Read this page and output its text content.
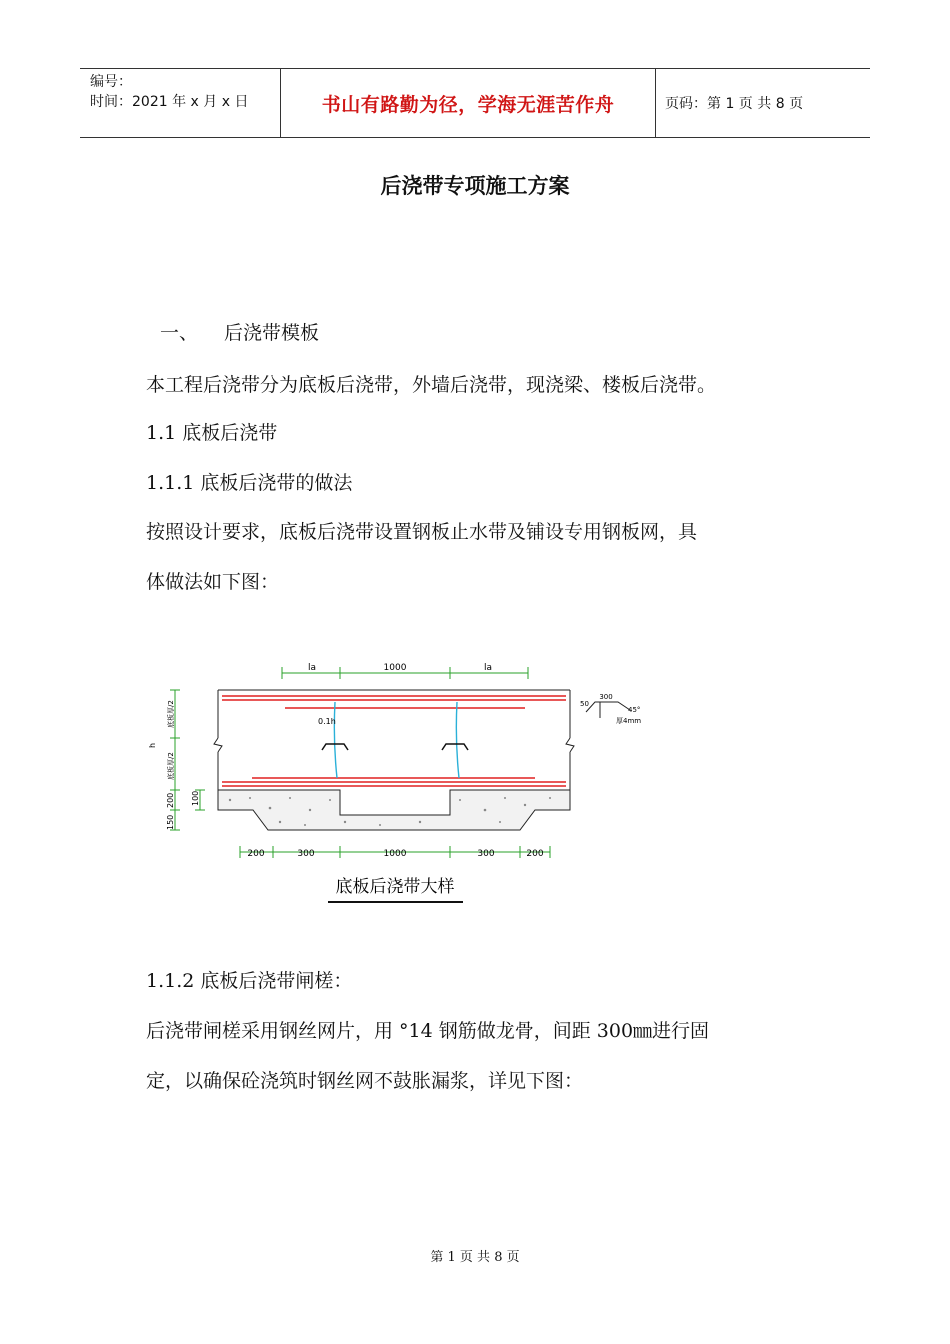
编号：
时间：2021 年 x 月 x 日	书山有路勤为径，学海无涯苦作舟	页码：第 1 页 共 8 页
后浇带专项施工方案
一、 后浇带模板
本工程后浇带分为底板后浇带，外墙后浇带，现浇梁、楼板后浇带。
1.1 底板后浇带
1.1.1 底板后浇带的做法
按照设计要求，底板后浇带设置钢板止水带及铺设专用钢板网，具
体做法如下图：
la	1000	la
0.1h
300
50
45°
厚4mm
底板厚/2
底板厚/2
h
200 100
150
200	300	1000	300	200
底板后浇带大样
1.1.2 底板后浇带闸槎：
后浇带闸槎采用钢丝网片，用 °14 钢筋做龙骨，间距 300㎜进行固
定，以确保砼浇筑时钢丝网不鼓胀漏浆，详见下图：
第 1 页 共 8 页
